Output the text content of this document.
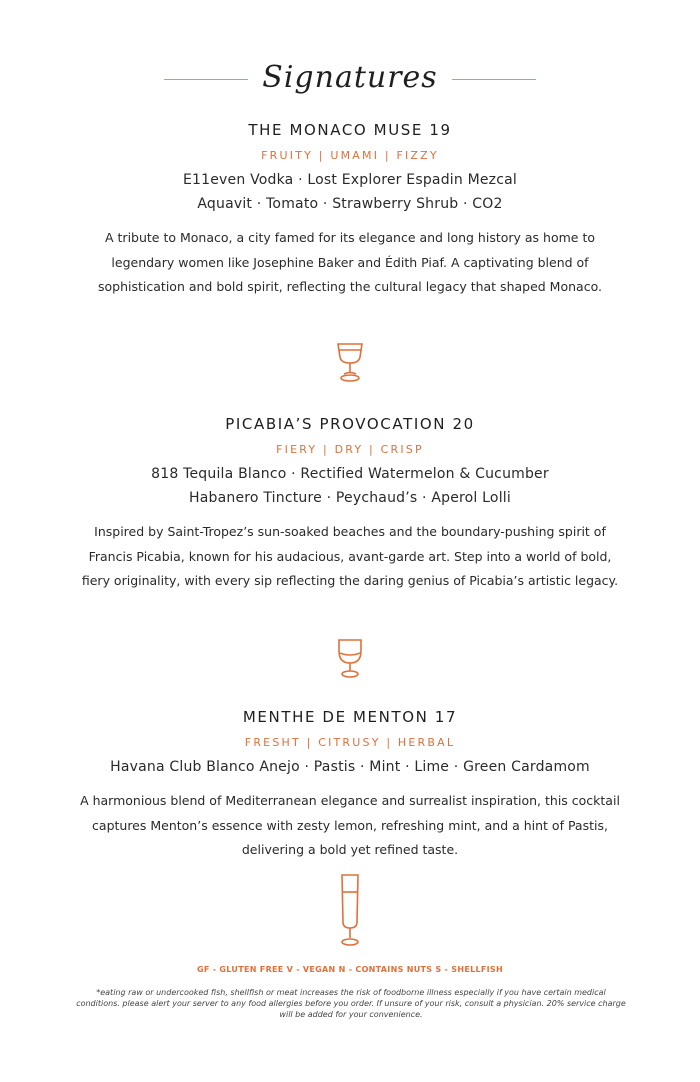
Signatures
THE MONACO MUSE 19
FRUITY | UMAMI | FIZZY
E11even Vodka · Lost Explorer Espadin Mezcal
Aquavit · Tomato · Strawberry Shrub · CO2
A tribute to Monaco, a city famed for its elegance and long history as home to legendary women like Josephine Baker and Édith Piaf. A captivating blend of sophistication and bold spirit, reflecting the cultural legacy that shaped Monaco.
PICABIA’S PROVOCATION 20
FIERY | DRY | CRISP
818 Tequila Blanco · Rectified Watermelon & Cucumber
Habanero Tincture · Peychaud’s · Aperol Lolli
Inspired by Saint-Tropez’s sun-soaked beaches and the boundary-pushing spirit of Francis Picabia, known for his audacious, avant-garde art. Step into a world of bold, fiery originality, with every sip reflecting the daring genius of Picabia’s artistic legacy.
MENTHE DE MENTON 17
FRESHT | CITRUSY | HERBAL
Havana Club Blanco Anejo · Pastis · Mint · Lime · Green Cardamom
A harmonious blend of Mediterranean elegance and surrealist inspiration, this cocktail captures Menton’s essence with zesty lemon, refreshing mint, and a hint of Pastis, delivering a bold yet refined taste.
GF - GLUTEN FREE V - VEGAN N - CONTAINS NUTS S - SHELLFISH
*eating raw or undercooked fish, shellfish or meat increases the risk of foodborne illness especially if you have certain medical conditions. please alert your server to any food allergies before you order. If unsure of your risk, consult a physician. 20% service charge will be added for your convenience.
